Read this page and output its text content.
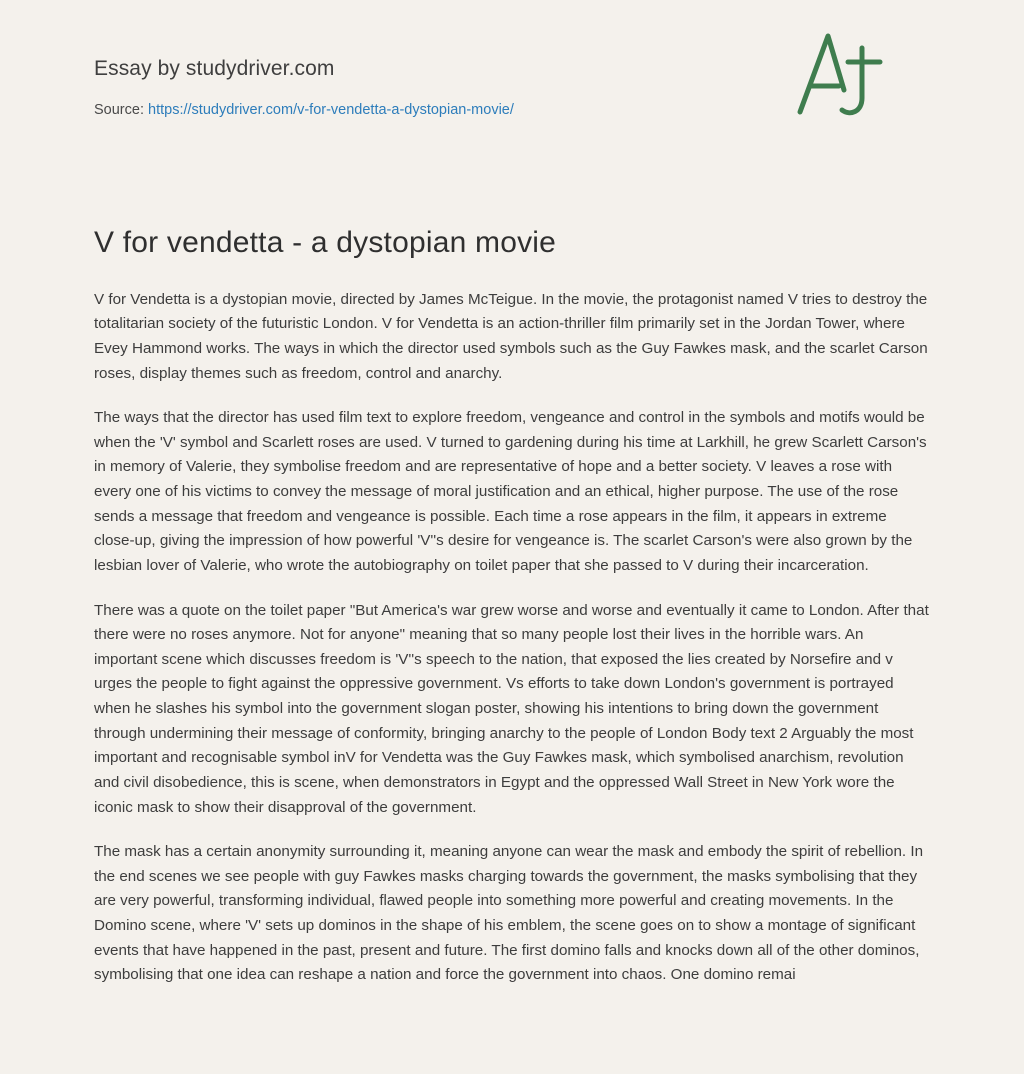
Essay by studydriver.com
Source: https://studydriver.com/v-for-vendetta-a-dystopian-movie/
V for vendetta - a dystopian movie

V for Vendetta is a dystopian movie, directed by James McTeigue. In the movie, the protagonist named V tries to destroy the totalitarian society of the futuristic London. V for Vendetta is an action-thriller film primarily set in the Jordan Tower, where Evey Hammond works. The ways in which the director used symbols such as the Guy Fawkes mask, and the scarlet Carson roses, display themes such as freedom, control and anarchy.

The ways that the director has used film text to explore freedom, vengeance and control in the symbols and motifs would be when the 'V' symbol and Scarlett roses are used. V turned to gardening during his time at Larkhill, he grew Scarlett Carson's in memory of Valerie, they symbolise freedom and are representative of hope and a better society. V leaves a rose with every one of his victims to convey the message of moral justification and an ethical, higher purpose. The use of the rose sends a message that freedom and vengeance is possible. Each time a rose appears in the film, it appears in extreme close-up, giving the impression of how powerful 'V''s desire for vengeance is. The scarlet Carson's were also grown by the lesbian lover of Valerie, who wrote the autobiography on toilet paper that she passed to V during their incarceration.

There was a quote on the toilet paper "But America's war grew worse and worse and eventually it came to London. After that there were no roses anymore. Not for anyone" meaning that so many people lost their lives in the horrible wars. An important scene which discusses freedom is 'V''s speech to the nation, that exposed the lies created by Norsefire and v urges the people to fight against the oppressive government. Vs efforts to take down London's government is portrayed when he slashes his symbol into the government slogan poster, showing his intentions to bring down the government through undermining their message of conformity, bringing anarchy to the people of London Body text 2 Arguably the most important and recognisable symbol inV for Vendetta was the Guy Fawkes mask, which symbolised anarchism, revolution and civil disobedience, this is scene, when demonstrators in Egypt and the oppressed Wall Street in New York wore the iconic mask to show their disapproval of the government.

The mask has a certain anonymity surrounding it, meaning anyone can wear the mask and embody the spirit of rebellion. In the end scenes we see people with guy Fawkes masks charging towards the government, the masks symbolising that they are very powerful, transforming individual, flawed people into something more powerful and creating movements. In the Domino scene, where 'V' sets up dominos in the shape of his emblem, the scene goes on to show a montage of significant events that have happened in the past, present and future. The first domino falls and knocks down all of the other dominos, symbolising that one idea can reshape a nation and force the government into chaos. One domino remai
